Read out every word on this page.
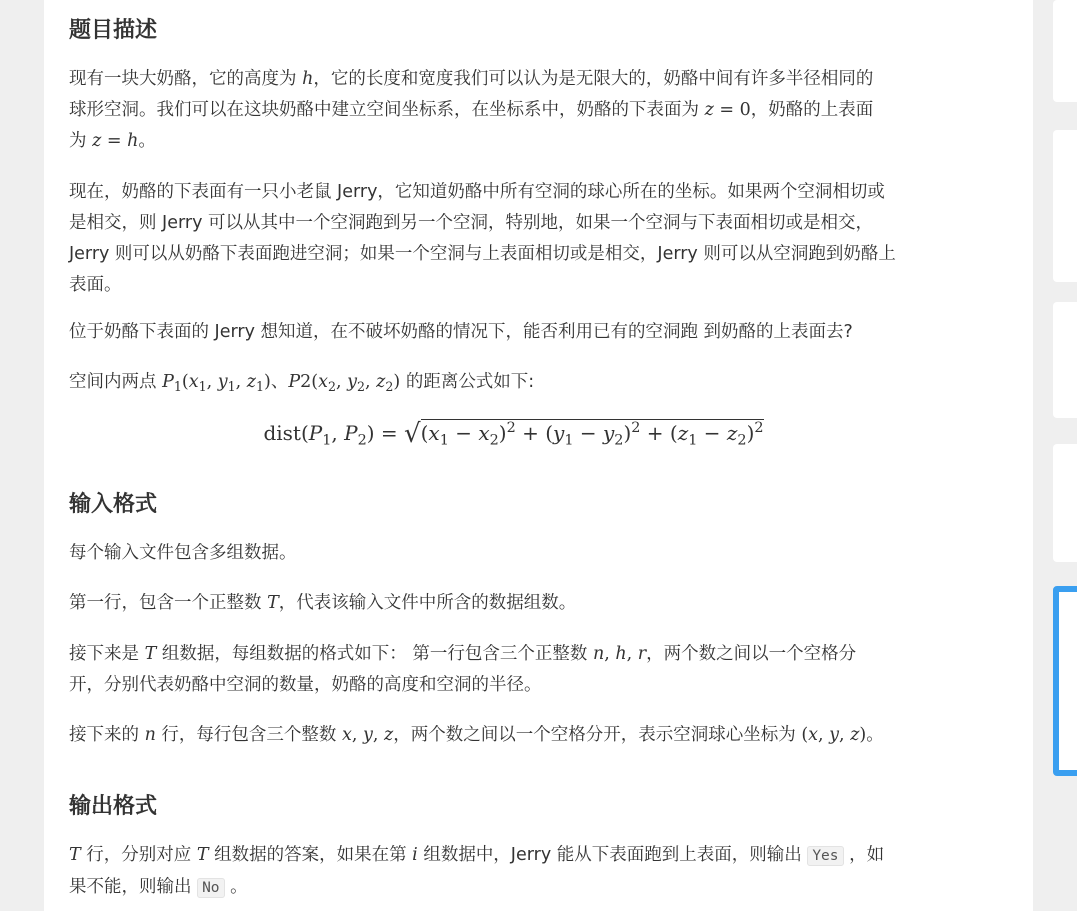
题目描述

现有一块大奶酪，它的高度为 h，它的长度和宽度我们可以认为是无限大的，奶酪中间有许多半径相同的

球形空洞。我们可以在这块奶酪中建立空间坐标系，在坐标系中，奶酪的下表面为 z = 0，奶酪的上表面

为 z = h。

现在，奶酪的下表面有一只小老鼠 Jerry，它知道奶酪中所有空洞的球心所在的坐标。如果两个空洞相切或

是相交，则 Jerry 可以从其中一个空洞跑到另一个空洞，特别地，如果一个空洞与下表面相切或是相交，

Jerry 则可以从奶酪下表面跑进空洞；如果一个空洞与上表面相切或是相交，Jerry 则可以从空洞跑到奶酪上

表面。

位于奶酪下表面的 Jerry 想知道，在不破坏奶酪的情况下，能否利用已有的空洞跑 到奶酪的上表面去?

空间内两点 $P_1(x_1$, $y_1$, $z_1$)、$P2(x_2$, $y_2$, $z_2$) 的距离公式如下:

$dist(P_1$, $P_2) = √(x_1 - x_2)^2 + (y_1 - y_2)^2 + (z_1 - z_2)^2$

输入格式

每个输入文件包含多组数据。

第一行，包含一个正整数 T，代表该输入文件中所含的数据组数。

接下来是 T 组数据，每组数据的格式如下： 第一行包含三个正整数 n, h, r，两个数之间以一个空格分

开，分别代表奶酪中空洞的数量，奶酪的高度和空洞的半径。

接下来的 n 行，每行包含三个整数 x, y, z，两个数之间以一个空格分开，表示空洞球心坐标为 (x, y, z)。

输出格式

T 行，分别对应 T 组数据的答案，如果在第 i 组数据中，Jerry 能从下表面跑到上表面，则输出 Yes ，如

果不能，则输出 No 。
